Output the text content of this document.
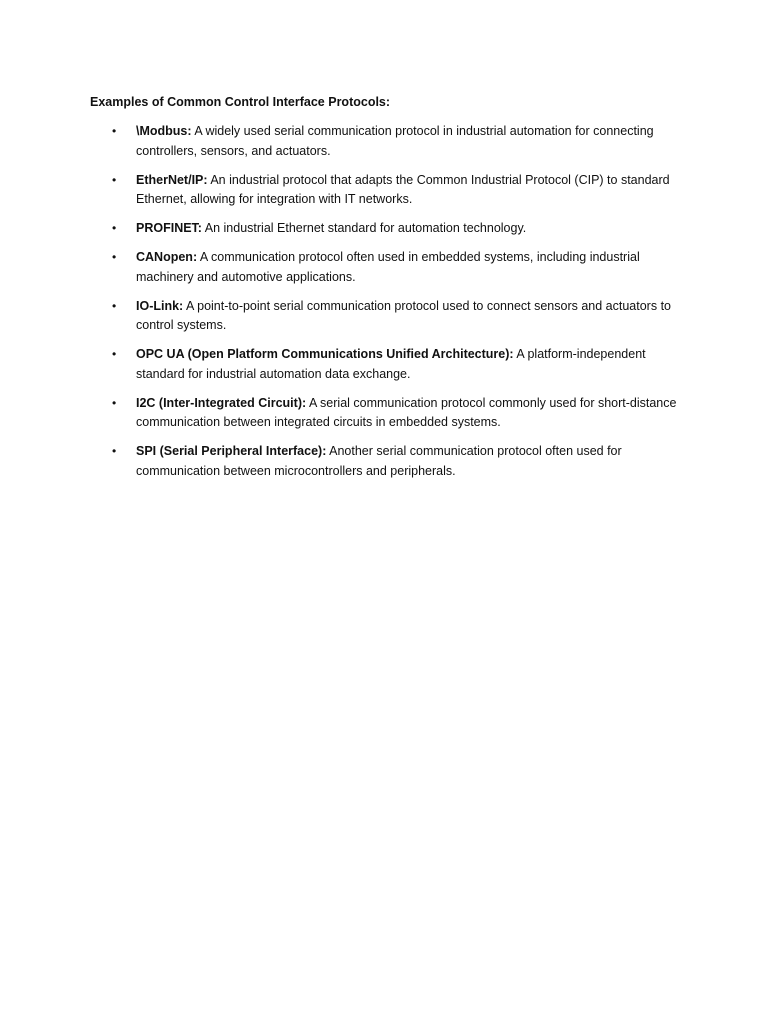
Examples of Common Control Interface Protocols:
• \Modbus: A widely used serial communication protocol in industrial automation for connecting controllers, sensors, and actuators.
• EtherNet/IP: An industrial protocol that adapts the Common Industrial Protocol (CIP) to standard Ethernet, allowing for integration with IT networks.
• PROFINET: An industrial Ethernet standard for automation technology.
• CANopen: A communication protocol often used in embedded systems, including industrial machinery and automotive applications.
• IO-Link: A point-to-point serial communication protocol used to connect sensors and actuators to control systems.
• OPC UA (Open Platform Communications Unified Architecture): A platform-independent standard for industrial automation data exchange.
• I2C (Inter-Integrated Circuit): A serial communication protocol commonly used for short-distance communication between integrated circuits in embedded systems.
• SPI (Serial Peripheral Interface): Another serial communication protocol often used for communication between microcontrollers and peripherals.
